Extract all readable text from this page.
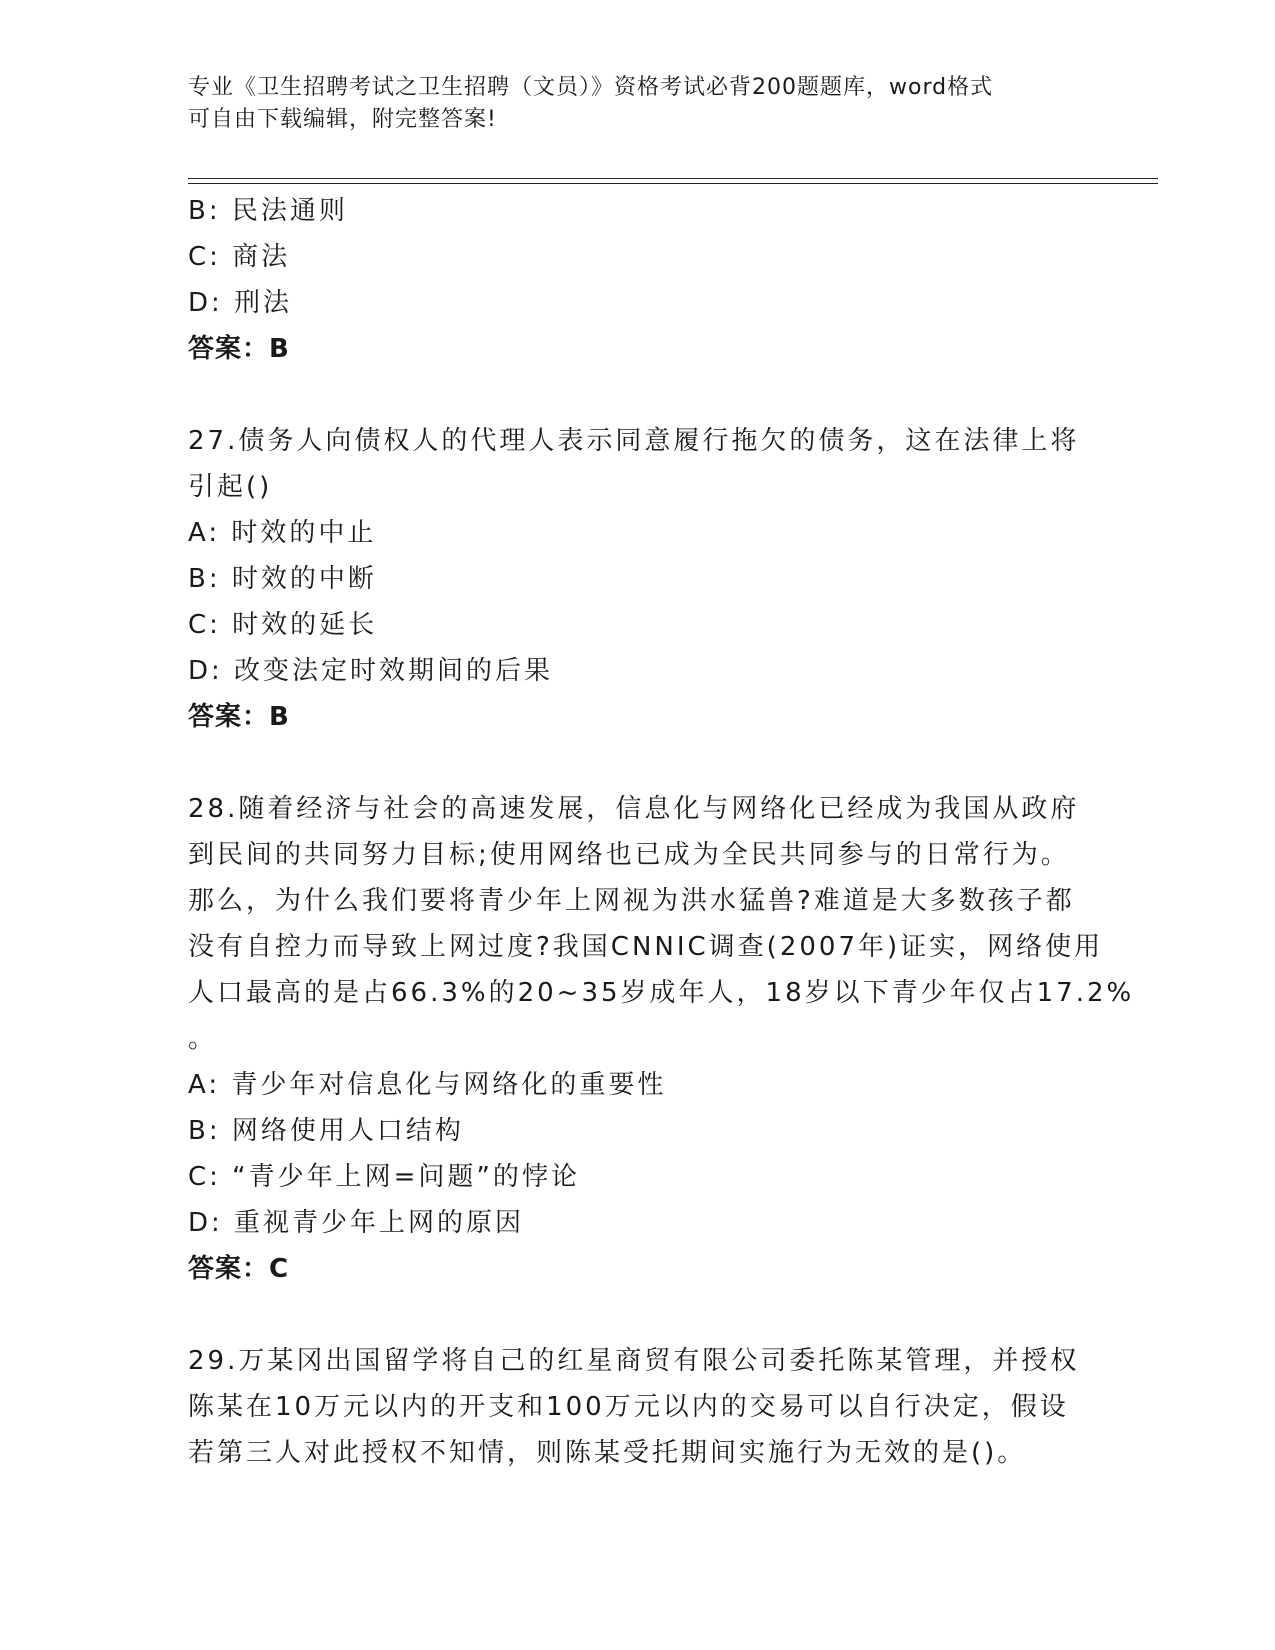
专业《卫生招聘考试之卫生招聘（文员）》资格考试必背200题题库，word格式
可自由下载编辑，附完整答案!
B: 民法通则
C: 商法
D: 刑法
答案：B
27.债务人向债权人的代理人表示同意履行拖欠的债务，这在法律上将
引起()
A: 时效的中止
B: 时效的中断
C: 时效的延长
D: 改变法定时效期间的后果
答案：B
28.随着经济与社会的高速发展，信息化与网络化已经成为我国从政府
到民间的共同努力目标;使用网络也已成为全民共同参与的日常行为。
那么，为什么我们要将青少年上网视为洪水猛兽?难道是大多数孩子都
没有自控力而导致上网过度?我国CNNIC调查(2007年)证实，网络使用
人口最高的是占66.3%的20~35岁成年人，18岁以下青少年仅占17.2%
。
A: 青少年对信息化与网络化的重要性
B: 网络使用人口结构
C: “青少年上网=问题”的悖论
D: 重视青少年上网的原因
答案：C
29.万某冈出国留学将自己的红星商贸有限公司委托陈某管理，并授权
陈某在10万元以内的开支和100万元以内的交易可以自行决定，假设
若第三人对此授权不知情，则陈某受托期间实施行为无效的是()。
